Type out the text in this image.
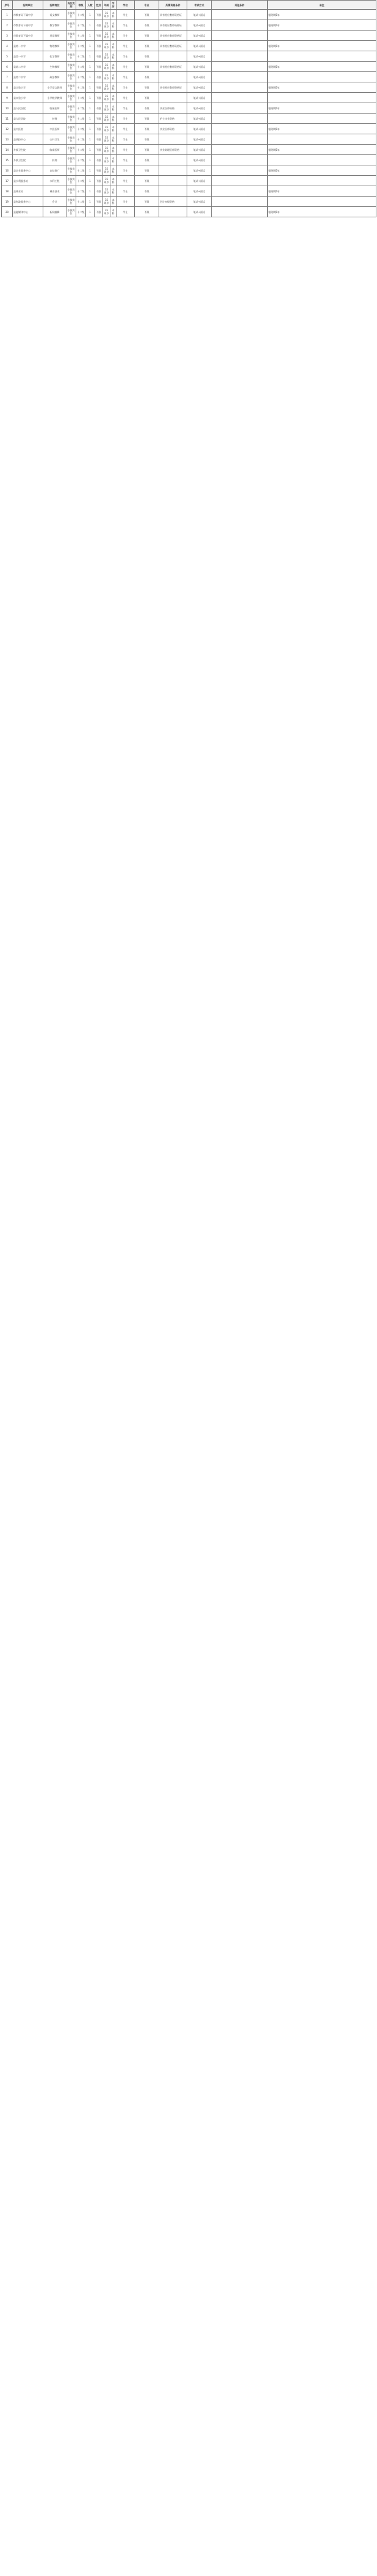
序号	招聘单位	招聘岗位	岗位类别	等级	人数	性别	年龄	学历	学位	专业	所需资格条件	考试方式	其他条件	备注
1	市教育局下属中学	语文教师	专技岗位	十二级	1	不限	35周岁	本科	学士	不限	具有相应教师资格证	笔试+面试		服务期5年
2	市教育局下属中学	数学教师	专技岗位	十二级	1	不限	35周岁	本科	学士	不限	具有相应教师资格证	笔试+面试		服务期5年
3	市教育局下属中学	英语教师	专技岗位	十二级	1	不限	35周岁	本科	学士	不限	具有相应教师资格证	笔试+面试		
4	县第一中学	物理教师	专技岗位	十二级	1	不限	35周岁	本科	学士	不限	具有相应教师资格证	笔试+面试		服务期5年
5	县第一中学	化学教师	专技岗位	十二级	1	不限	35周岁	本科	学士	不限		笔试+面试		
6	县第二中学	生物教师	专技岗位	十二级	1	不限	35周岁	本科	学士	不限	具有相应教师资格证	笔试+面试		服务期5年
7	县第二中学	政治教师	专技岗位	十二级	1	不限	35周岁	本科	学士	不限		笔试+面试		
8	县实验小学	小学语文教师	专技岗位	十二级	1	不限	35周岁	本科	学士	不限	具有相应教师资格证	笔试+面试		服务期5年
9	县实验小学	小学数学教师	专技岗位	十二级	1	不限	35周岁	本科	学士	不限		笔试+面试		
10	县人民医院	临床医师	专技岗位	十二级	1	不限	35周岁	本科	学士	不限	执业医师资格	笔试+面试		服务期5年
11	县人民医院	护理	专技岗位	十二级	1	不限	35周岁	本科	学士	不限	护士执业资格	笔试+面试		
12	县中医院	中医医师	专技岗位	十二级	1	不限	35周岁	本科	学士	不限	执业医师资格	笔试+面试		服务期5年
13	县疾控中心	公共卫生	专技岗位	十二级	1	不限	35周岁	本科	学士	不限		笔试+面试		
14	乡镇卫生院	临床医师	专技岗位	十二级	1	不限	35周岁	本科	学士	不限	执业助理医师资格	笔试+面试		服务期5年
15	乡镇卫生院	药剂	专技岗位	十二级	1	不限	35周岁	本科	学士	不限		笔试+面试		
16	县农业服务中心	农技推广	专技岗位	十二级	1	不限	35周岁	本科	学士	不限		笔试+面试		服务期5年
17	县水利服务站	水利工程	专技岗位	十二级	1	不限	35周岁	本科	学士	不限		笔试+面试		
18	县林业站	林业技术	专技岗位	十二级	1	不限	35周岁	本科	学士	不限		笔试+面试		服务期5年
19	县财政服务中心	会计	专技岗位	十二级	1	不限	35周岁	本科	学士	不限	会计初级资格	笔试+面试		
20	县融媒体中心	新闻编辑	专技岗位	十二级	1	不限	35周岁	本科	学士	不限		笔试+面试		服务期5年
